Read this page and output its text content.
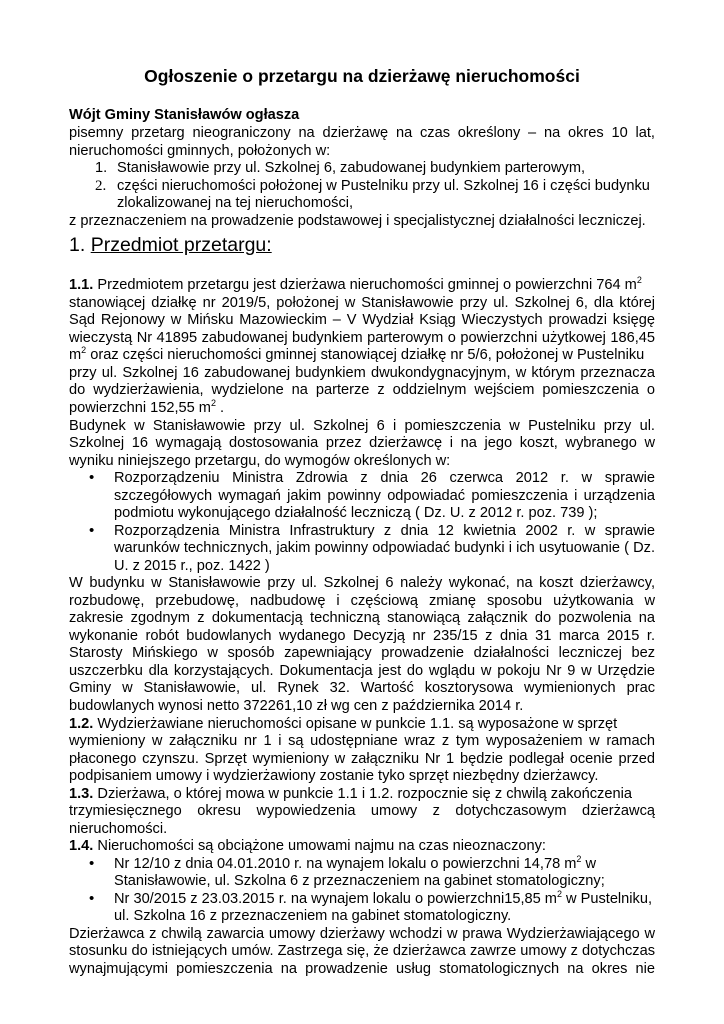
Ogłoszenie o przetargu na dzierżawę nieruchomości
Wójt Gminy Stanisławów ogłasza
pisemny przetarg nieograniczony na dzierżawę na czas określony – na okres 10 lat,
nieruchomości gminnych, położonych w:
1. Stanisławowie przy ul. Szkolnej 6, zabudowanej budynkiem parterowym,
2. części nieruchomości położonej w Pustelniku przy ul. Szkolnej 16 i części budynku
zlokalizowanej na tej nieruchomości,
z przeznaczeniem na prowadzenie podstawowej i specjalistycznej działalności leczniczej.
1. Przedmiot przetargu:
1.1. Przedmiotem przetargu jest dzierżawa nieruchomości gminnej o powierzchni 764 $m^2$
stanowiącej działkę nr 2019/5, położonej w Stanisławowie przy ul. Szkolnej 6, dla której
Sąd Rejonowy w Mińsku Mazowieckim – V Wydział Ksiąg Wieczystych prowadzi księgę
wieczystą Nr 41895 zabudowanej budynkiem parterowym o powierzchni użytkowej 186,45
$m^2$ oraz części nieruchomości gminnej stanowiącej działkę nr 5/6, położonej w Pustelniku
przy ul. Szkolnej 16 zabudowanej budynkiem dwukondygnacyjnym, w którym przeznacza
do wydzierżawienia, wydzielone na parterze z oddzielnym wejściem pomieszczenia o
powierzchni 152,55 $m^2$ .
Budynek w Stanisławowie przy ul. Szkolnej 6 i pomieszczenia w Pustelniku przy ul.
Szkolnej 16 wymagają dostosowania przez dzierżawcę i na jego koszt, wybranego w
wyniku niniejszego przetargu, do wymogów określonych w:
• Rozporządzeniu Ministra Zdrowia z dnia 26 czerwca 2012 r. w sprawie
szczegółowych wymagań jakim powinny odpowiadać pomieszczenia i urządzenia
podmiotu wykonującego działalność leczniczą ( Dz. U. z 2012 r. poz. 739 );
• Rozporządzenia Ministra Infrastruktury z dnia 12 kwietnia 2002 r. w sprawie
warunków technicznych, jakim powinny odpowiadać budynki i ich usytuowanie ( Dz.
U. z 2015 r., poz. 1422 )
W budynku w Stanisławowie przy ul. Szkolnej 6 należy wykonać, na koszt dzierżawcy,
rozbudowę, przebudowę, nadbudowę i częściową zmianę sposobu użytkowania w
zakresie zgodnym z dokumentacją techniczną stanowiącą załącznik do pozwolenia na
wykonanie robót budowlanych wydanego Decyzją nr 235/15 z dnia 31 marca 2015 r.
Starosty Mińskiego w sposób zapewniający prowadzenie działalności leczniczej bez
uszczerbku dla korzystających. Dokumentacja jest do wglądu w pokoju Nr 9 w Urzędzie
Gminy w Stanisławowie, ul. Rynek 32. Wartość kosztorysowa wymienionych prac
budowlanych wynosi netto 372261,10 zł wg cen z października 2014 r.
1.2. Wydzierżawiane nieruchomości opisane w punkcie 1.1. są wyposażone w sprzęt
wymieniony w załączniku nr 1 i są udostępniane wraz z tym wyposażeniem w ramach
płaconego czynszu. Sprzęt wymieniony w załączniku Nr 1 będzie podlegał ocenie przed
podpisaniem umowy i wydzierżawiony zostanie tyko sprzęt niezbędny dzierżawcy.
1.3. Dzierżawa, o której mowa w punkcie 1.1 i 1.2. rozpocznie się z chwilą zakończenia
trzymiesięcznego okresu wypowiedzenia umowy z dotychczasowym dzierżawcą
nieruchomości.
1.4. Nieruchomości są obciążone umowami najmu na czas nieoznaczony:
• Nr 12/10 z dnia 04.01.2010 r. na wynajem lokalu o powierzchni 14,78 $m^2$ w
Stanisławowie, ul. Szkolna 6 z przeznaczeniem na gabinet stomatologiczny;
• Nr 30/2015 z 23.03.2015 r. na wynajem lokalu o powierzchni15,85 $m^2$ w Pustelniku,
ul. Szkolna 16 z przeznaczeniem na gabinet stomatologiczny.
Dzierżawca z chwilą zawarcia umowy dzierżawy wchodzi w prawa Wydzierżawiającego w
stosunku do istniejących umów. Zastrzega się, że dzierżawca zawrze umowy z dotychczas
wynajmującymi pomieszczenia na prowadzenie usług stomatologicznych na okres nie
